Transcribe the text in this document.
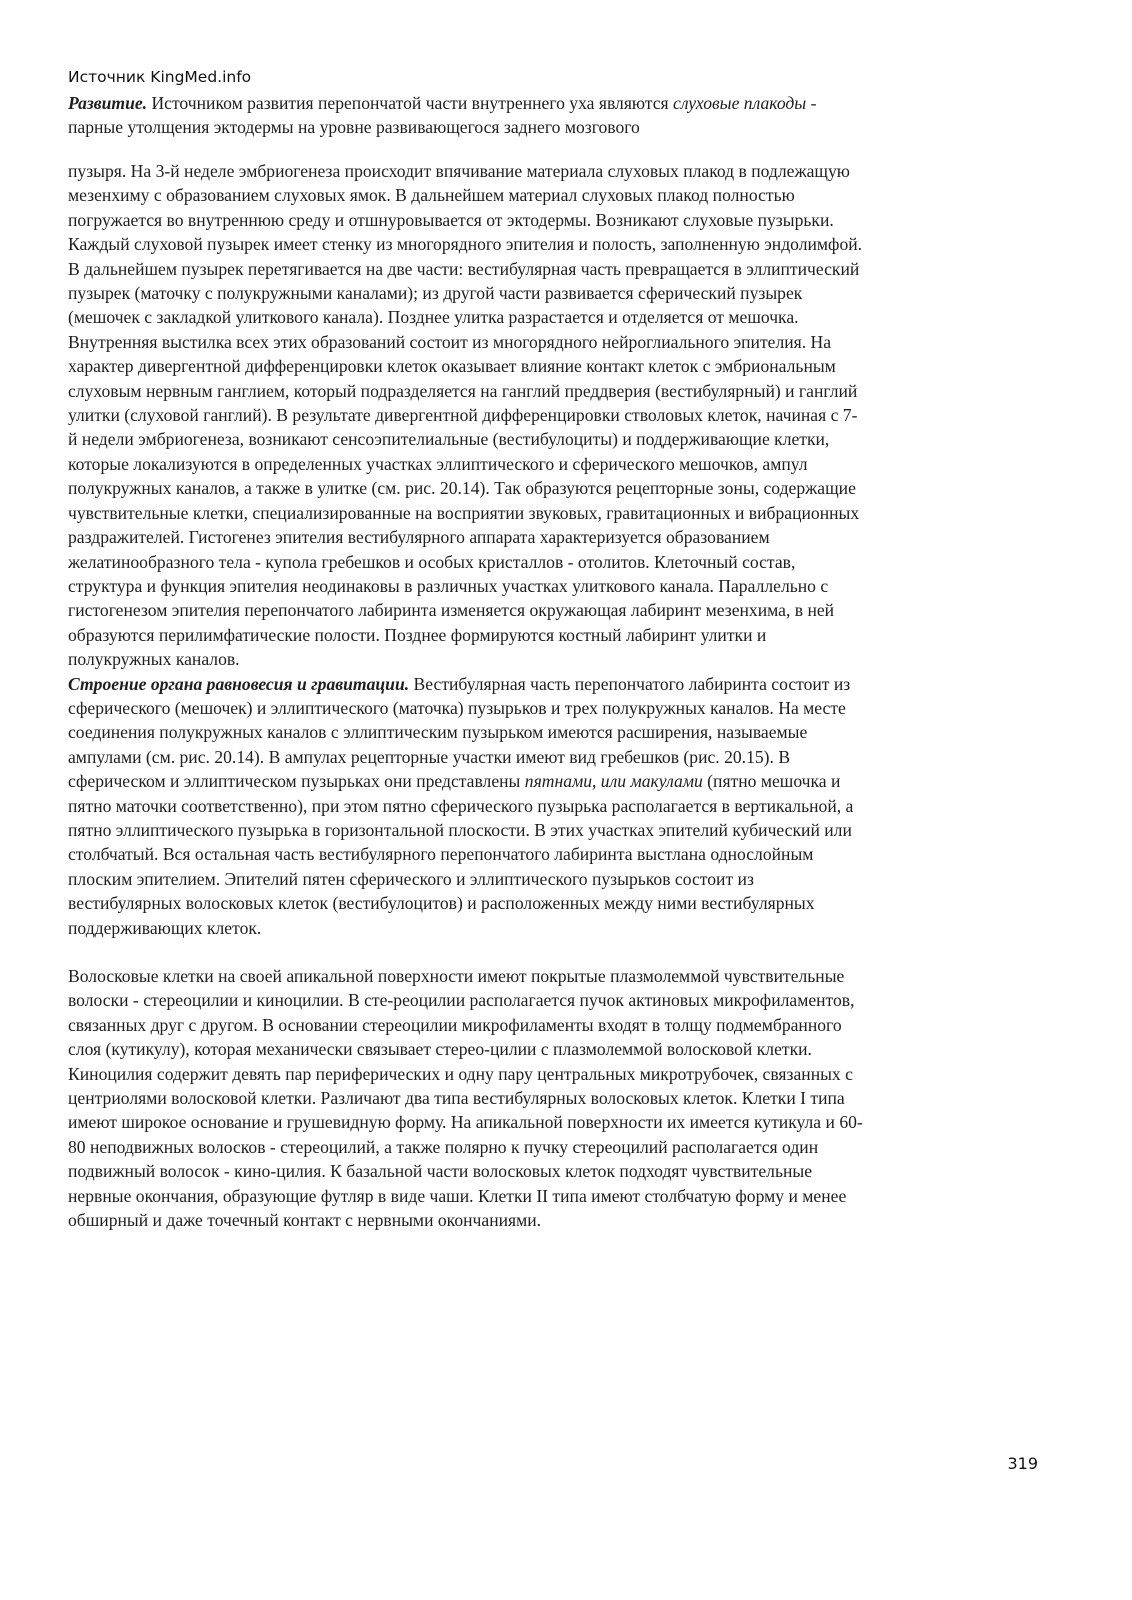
Источник KingMed.info
Развитие. Источником развития перепончатой части внутреннего уха являются слуховые плакоды -
парные утолщения эктодермы на уровне развивающегося заднего мозгового
пузыря. На 3-й неделе эмбриогенеза происходит впячивание материала слуховых плакод в подлежащую
мезенхиму с образованием слуховых ямок. В дальнейшем материал слуховых плакод полностью
погружается во внутреннюю среду и отшнуровывается от эктодермы. Возникают слуховые пузырьки.
Каждый слуховой пузырек имеет стенку из многорядного эпителия и полость, заполненную эндолимфой.
В дальнейшем пузырек перетягивается на две части: вестибулярная часть превращается в эллиптический
пузырек (маточку с полукружными каналами); из другой части развивается сферический пузырек
(мешочек с закладкой улиткового канала). Позднее улитка разрастается и отделяется от мешочка.
Внутренняя выстилка всех этих образований состоит из многорядного нейроглиального эпителия. На
характер дивергентной дифференцировки клеток оказывает влияние контакт клеток с эмбриональным
слуховым нервным ганглием, который подразделяется на ганглий преддверия (вестибулярный) и ганглий
улитки (слуховой ганглий). В результате дивергентной дифференцировки стволовых клеток, начиная с 7-
й недели эмбриогенеза, возникают сенсоэпителиальные (вестибулоциты) и поддерживающие клетки,
которые локализуются в определенных участках эллиптического и сферического мешочков, ампул
полукружных каналов, а также в улитке (см. рис. 20.14). Так образуются рецепторные зоны, содержащие
чувствительные клетки, специализированные на восприятии звуковых, гравитационных и вибрационных
раздражителей. Гистогенез эпителия вестибулярного аппарата характеризуется образованием
желатинообразного тела - купола гребешков и особых кристаллов - отолитов. Клеточный состав,
структура и функция эпителия неодинаковы в различных участках улиткового канала. Параллельно с
гистогенезом эпителия перепончатого лабиринта изменяется окружающая лабиринт мезенхима, в ней
образуются перилимфатические полости. Позднее формируются костный лабиринт улитки и
полукружных каналов.
Строение органа равновесия и гравитации. Вестибулярная часть перепончатого лабиринта состоит из
сферического (мешочек) и эллиптического (маточка) пузырьков и трех полукружных каналов. На месте
соединения полукружных каналов с эллиптическим пузырьком имеются расширения, называемые
ампулами (см. рис. 20.14). В ампулах рецепторные участки имеют вид гребешков (рис. 20.15). В
сферическом и эллиптическом пузырьках они представлены пятнами, или макулами (пятно мешочка и
пятно маточки соответственно), при этом пятно сферического пузырька располагается в вертикальной, а
пятно эллиптического пузырька в горизонтальной плоскости. В этих участках эпителий кубический или
столбчатый. Вся остальная часть вестибулярного перепончатого лабиринта выстлана однослойным
плоским эпителием. Эпителий пятен сферического и эллиптического пузырьков состоит из
вестибулярных волосковых клеток (вестибулоцитов) и расположенных между ними вестибулярных
поддерживающих клеток.
Волосковые клетки на своей апикальной поверхности имеют покрытые плазмолеммой чувствительные
волоски - стереоцилии и киноцилии. В сте-реоцилии располагается пучок актиновых микрофиламентов,
связанных друг с другом. В основании стереоцилии микрофиламенты входят в толщу подмембранного
слоя (кутикулу), которая механически связывает стерео-цилии с плазмолеммой волосковой клетки.
Киноцилия содержит девять пар периферических и одну пару центральных микротрубочек, связанных с
центриолями волосковой клетки. Различают два типа вестибулярных волосковых клеток. Клетки I типа
имеют широкое основание и грушевидную форму. На апикальной поверхности их имеется кутикула и 60-
80 неподвижных волосков - стереоцилий, а также полярно к пучку стереоцилий располагается один
подвижный волосок - кино-цилия. К базальной части волосковых клеток подходят чувствительные
нервные окончания, образующие футляр в виде чаши. Клетки II типа имеют столбчатую форму и менее
обширный и даже точечный контакт с нервными окончаниями.
319
